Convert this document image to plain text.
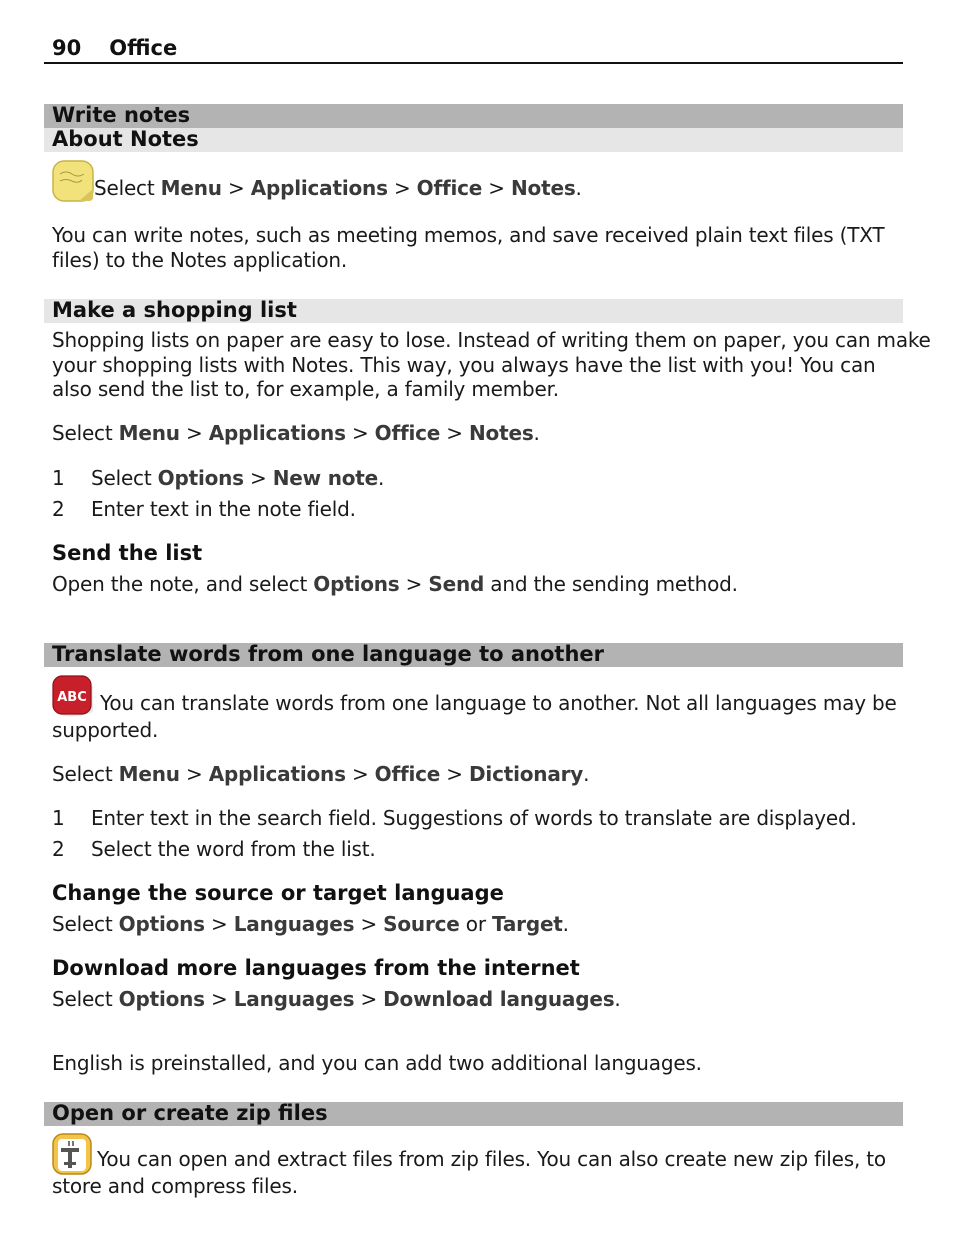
90 Office
Write notes
About Notes
Select Menu > Applications > Office > Notes.
You can write notes, such as meeting memos, and save received plain text files (TXT
files) to the Notes application.
Make a shopping list
Shopping lists on paper are easy to lose. Instead of writing them on paper, you can make
your shopping lists with Notes. This way, you always have the list with you! You can
also send the list to, for example, a family member.
Select Menu > Applications > Office > Notes.
1 Select Options > New note.
2 Enter text in the note field.
Send the list
Open the note, and select Options > Send and the sending method.
Translate words from one language to another
ABC You can translate words from one language to another. Not all languages may be
supported.
Select Menu > Applications > Office > Dictionary.
1 Enter text in the search field. Suggestions of words to translate are displayed.
2 Select the word from the list.
Change the source or target language
Select Options > Languages > Source or Target.
Download more languages from the internet
Select Options > Languages > Download languages.
English is preinstalled, and you can add two additional languages.
Open or create zip files
You can open and extract files from zip files. You can also create new zip files, to
store and compress files.
